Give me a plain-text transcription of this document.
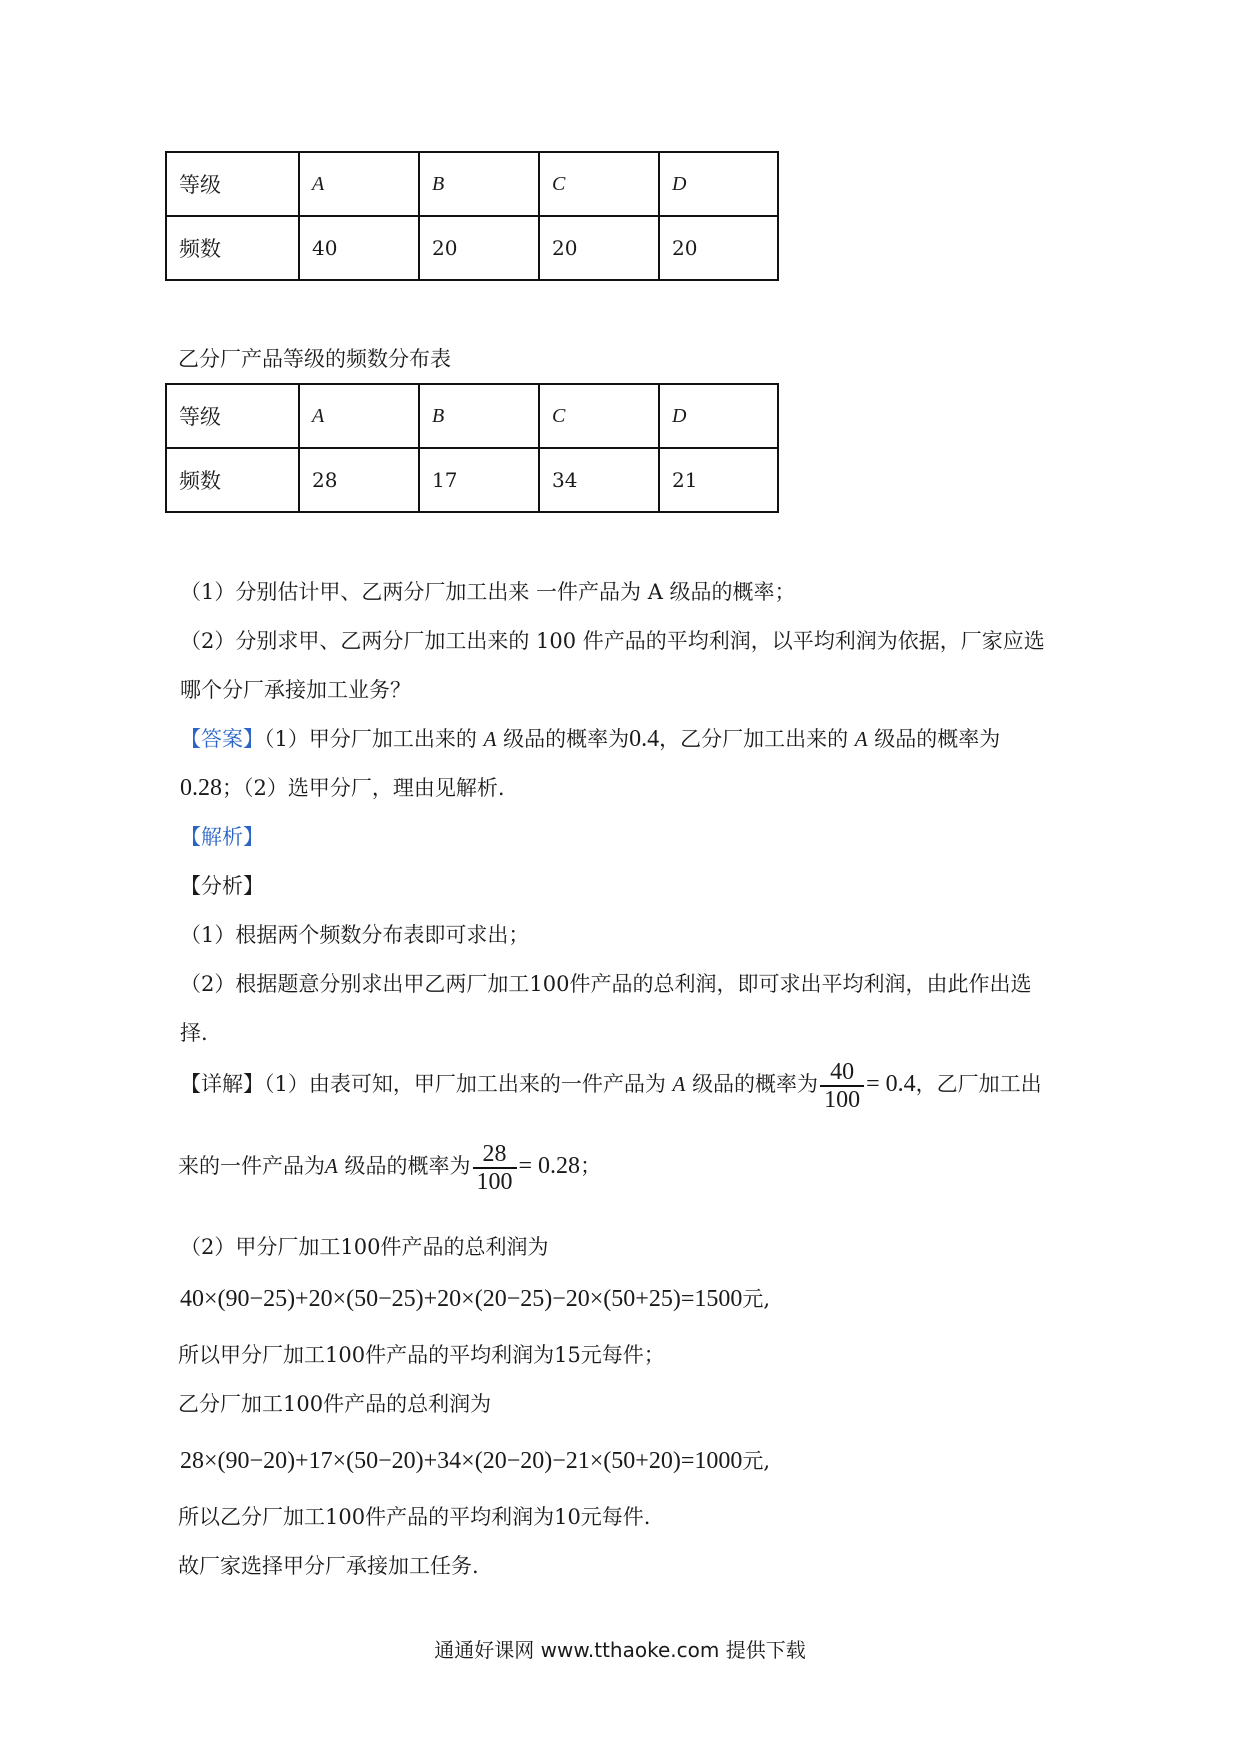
等级	A	B	C	D
频数	40	20	20	20
乙分厂产品等级的频数分布表
等级	A	B	C	D
频数	28	17	34	21
（1）分别估计甲、乙两分厂加工出来 一件产品为 A 级品的概率；
（2）分别求甲、乙两分厂加工出来的 100 件产品的平均利润，以平均利润为依据，厂家应选
哪个分厂承接加工业务？
【答案】（1）甲分厂加工出来的 A 级品的概率为0.4，乙分厂加工出来的 A 级品的概率为
0.28；（2）选甲分厂，理由见解析.
【解析】
【分析】
（1）根据两个频数分布表即可求出；
（2）根据题意分别求出甲乙两厂加工100件产品的总利润，即可求出平均利润，由此作出选
择.
【详解】（1）由表可知，甲厂加工出来的一件产品为 A 级品的概率为 $\frac{40}{100} = 0.4$，乙厂加工出
来的一件产品为A 级品的概率为 $\frac{28}{100} = 0.28$；
（2）甲分厂加工100件产品的总利润为
40×(90−25)+20×(50−25)+20×(20−25)−20×(50+25)=1500元,
所以甲分厂加工100件产品的平均利润为15元每件；
乙分厂加工100件产品的总利润为
28×(90−20)+17×(50−20)+34×(20−20)−21×(50+20)=1000元,
所以乙分厂加工100件产品的平均利润为10元每件.
故厂家选择甲分厂承接加工任务.
通通好课网 www.tthaoke.com 提供下载
